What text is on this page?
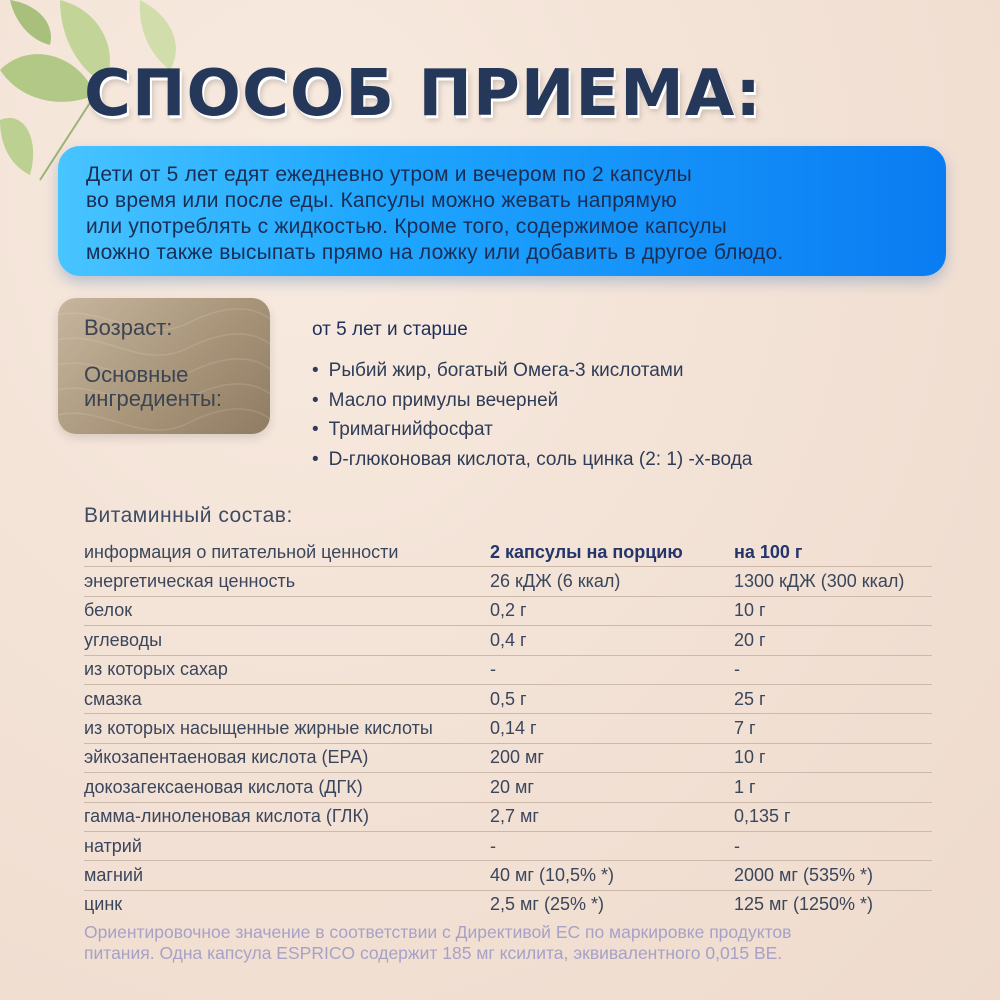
СПОСОБ ПРИЕМА:

Дети от 5 лет едят ежедневно утром и вечером по 2 капсулы

во время или после еды. Капсулы можно жевать напрямую

или употреблять с жидкостью. Кроме того, содержимое капсулы

можно также высыпать прямо на ложку или добавить в другое блюдо.

Возраст:
Основные
ингредиенты:
от 5 лет и старше
• Рыбий жир, богатый Омега-3 кислотами
• Масло примулы вечерней
• Тримагнийфосфат
• D-глюконовая кислота, соль цинка (2: 1) -х-вода
Витаминный состав:
информация о питательной ценности	2 капсулы на порцию	на 100 г
энергетическая ценность	26 кДЖ (6 ккал)	1300 кДЖ (300 ккал)
белок	0,2 г	10 г
углеводы	0,4 г	20 г
из которых сахар	-	-
смазка	0,5 г	25 г
из которых насыщенные жирные кислоты	0,14 г	7 г
эйкозапентаеновая кислота (ЕРА)	200 мг	10 г
докозагексаеновая кислота (ДГК)	20 мг	1 г
гамма-линоленовая кислота (ГЛК)	2,7 мг	0,135 г
натрий	-	-
магний	40 мг (10,5% *)	2000 мг (535% *)
цинк	2,5 мг (25% *)	125 мг (1250% *)

Ориентировочное значение в соответствии с Директивой ЕС по маркировке продуктов
питания. Одна капсула ESPRICO содержит 185 мг ксилита, эквивалентного 0,015 ВЕ.
